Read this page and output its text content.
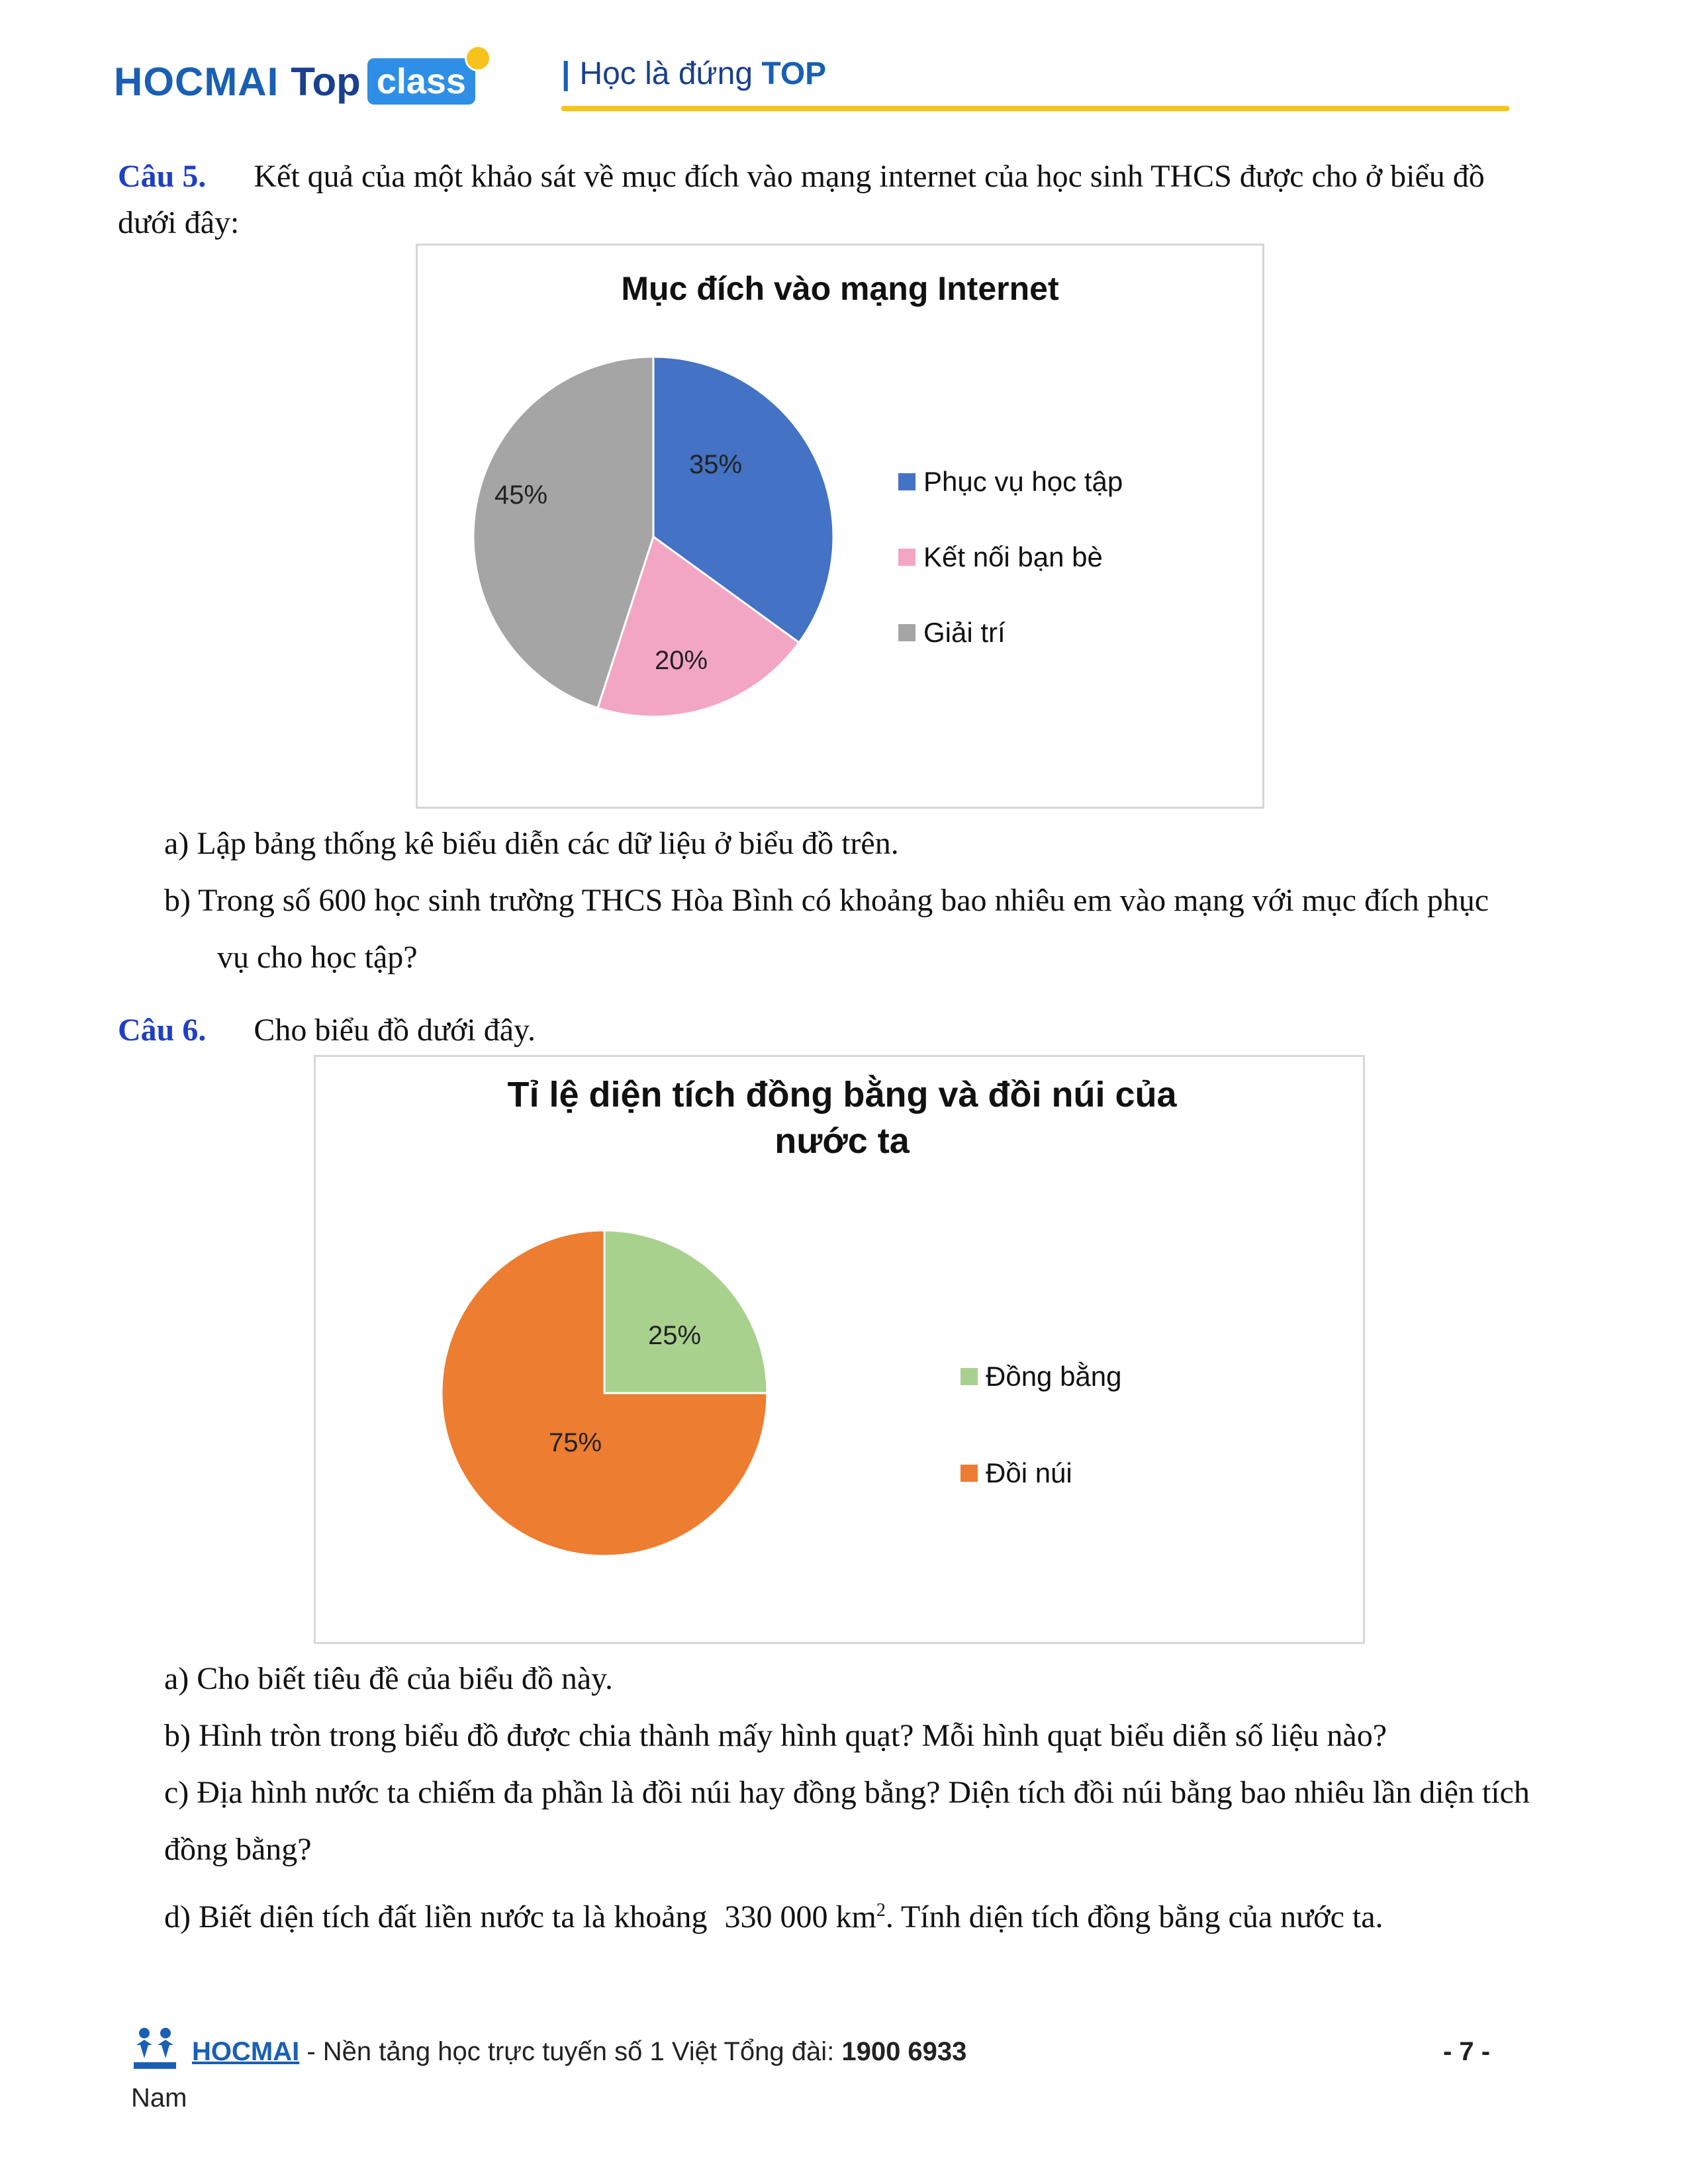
HOCMAI Top class	| Học là đứng TOP
Câu 5. Kết quả của một khảo sát về mục đích vào mạng internet của học sinh THCS được cho ở biểu đồ
dưới đây:
Mục đích vào mạng Internet
35%
20%
45%	Phục vụ học tập
Kết nối bạn bè
Giải trí
a) Lập bảng thống kê biểu diễn các dữ liệu ở biểu đồ trên.
b) Trong số 600 học sinh trường THCS Hòa Bình có khoảng bao nhiêu em vào mạng với mục đích phục
vụ cho học tập?
Câu 6. Cho biểu đồ dưới đây.
Tỉ lệ diện tích đồng bằng và đồi núi của
nước ta
25%
75%
Đồng bằng
Đồi núi
a) Cho biết tiêu đề của biểu đồ này.
b) Hình tròn trong biểu đồ được chia thành mấy hình quạt? Mỗi hình quạt biểu diễn số liệu nào?
c) Địa hình nước ta chiếm đa phần là đồi núi hay đồng bằng? Diện tích đồi núi bằng bao nhiêu lần diện tích
đồng bằng?
d) Biết diện tích đất liền nước ta là khoảng 330 000 $km^2$. Tính diện tích đồng bằng của nước ta.
HOCMAI - Nền tảng học trực tuyến số 1 Việt Tổng đài: 1900 6933
Nam
- 7 -
